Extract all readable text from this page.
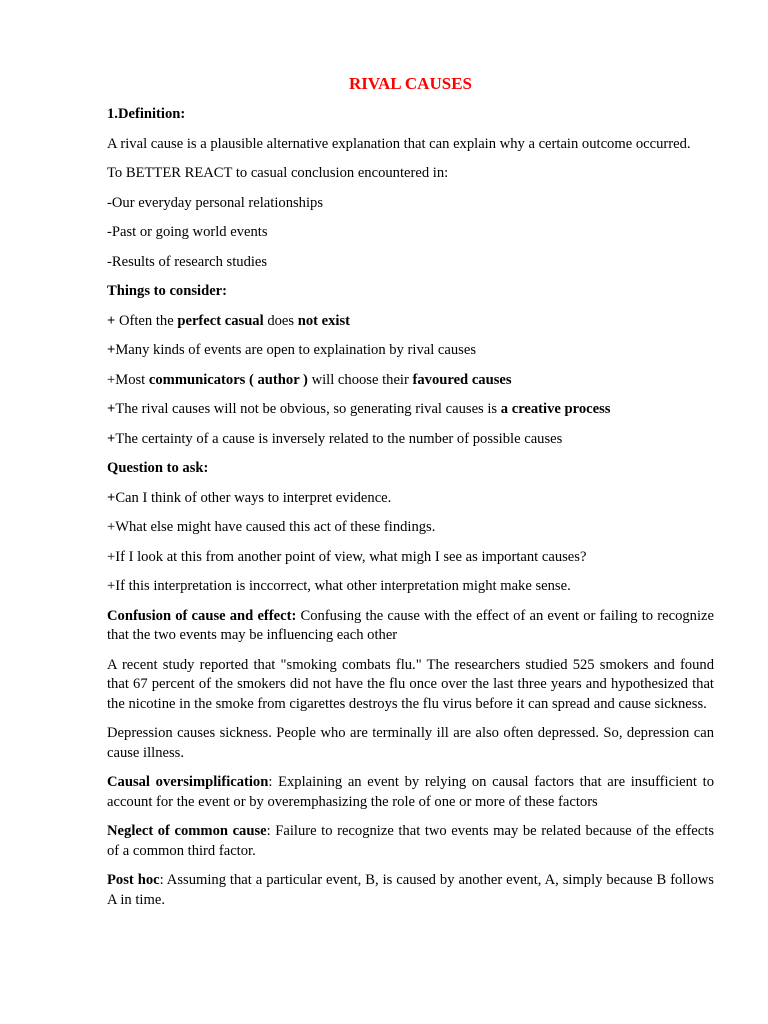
RIVAL CAUSES

1.Definition:

A rival cause is a plausible alternative explanation that can explain why a certain outcome occurred.

To BETTER REACT to casual conclusion encountered in:

-Our everyday personal relationships

-Past or going world events

-Results of research studies

Things to consider:

+ Often the perfect casual does not exist

+Many kinds of events are open to explaination by rival causes

+Most communicators ( author ) will choose their favoured causes

+The rival causes will not be obvious, so generating rival causes is a creative process

+The certainty of a cause is inversely related to the number of possible causes

Question to ask:

+Can I think of other ways to interpret evidence.

+What else might have caused this act of these findings.

+If I look at this from another point of view, what migh I see as important causes?

+If this interpretation is inccorrect, what other interpretation might make sense.

Confusion of cause and effect: Confusing the cause with the effect of an event or failing to recognize that the two events may be influencing each other

A recent study reported that "smoking combats flu." The researchers studied 525 smokers and found that 67 percent of the smokers did not have the flu once over the last three years and hypothesized that the nicotine in the smoke from cigarettes destroys the flu virus before it can spread and cause sickness.

Depression causes sickness. People who are terminally ill are also often depressed. So, depression can cause illness.

Causal oversimplification: Explaining an event by relying on causal factors that are insufficient to account for the event or by overemphasizing the role of one or more of these factors

Neglect of common cause: Failure to recognize that two events may be related because of the effects of a common third factor.

Post hoc: Assuming that a particular event, B, is caused by another event, A, simply because B follows A in time.
